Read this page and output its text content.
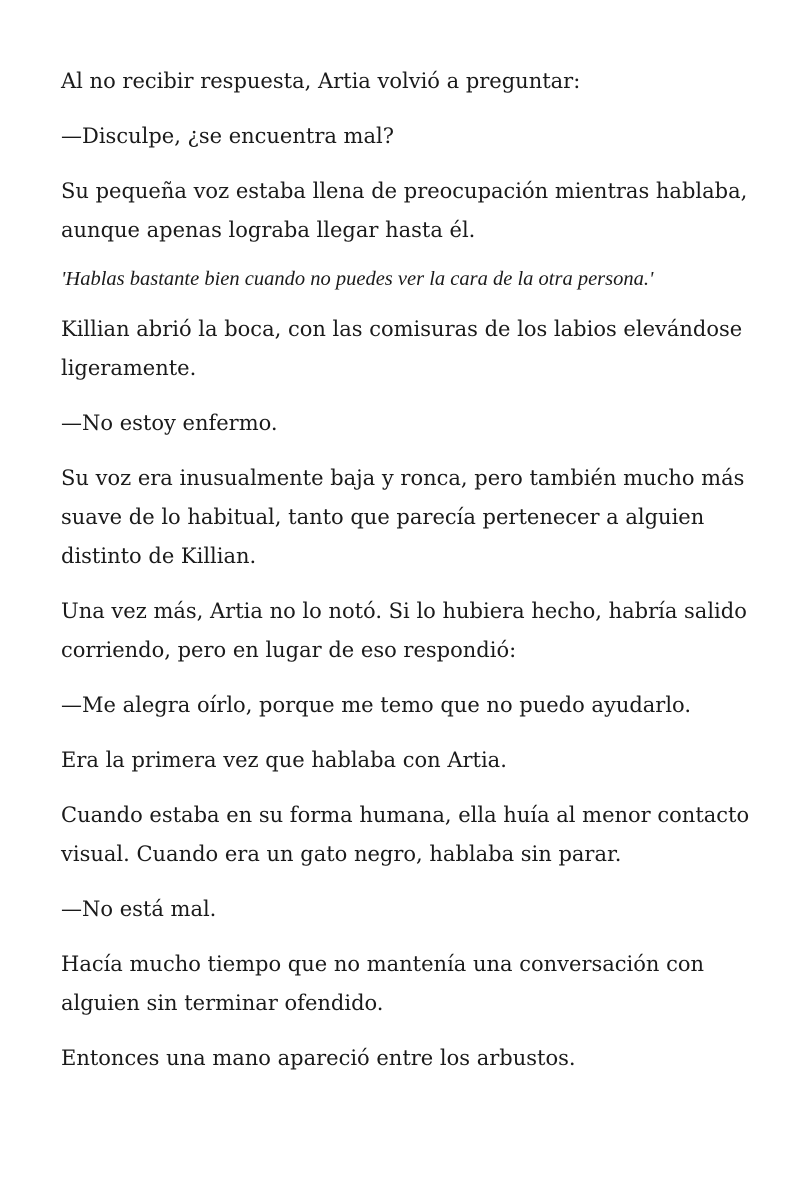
Al no recibir respuesta, Artia volvió a preguntar:

—Disculpe, ¿se encuentra mal?

Su pequeña voz estaba llena de preocupación mientras hablaba, aunque apenas lograba llegar hasta él.

'Hablas bastante bien cuando no puedes ver la cara de la otra persona.'

Killian abrió la boca, con las comisuras de los labios elevándose ligeramente.

—No estoy enfermo.

Su voz era inusualmente baja y ronca, pero también mucho más suave de lo habitual, tanto que parecía pertenecer a alguien distinto de Killian.

Una vez más, Artia no lo notó. Si lo hubiera hecho, habría salido corriendo, pero en lugar de eso respondió:

—Me alegra oírlo, porque me temo que no puedo ayudarlo.

Era la primera vez que hablaba con Artia.

Cuando estaba en su forma humana, ella huía al menor contacto visual. Cuando era un gato negro, hablaba sin parar.

—No está mal.

Hacía mucho tiempo que no mantenía una conversación con alguien sin terminar ofendido.

Entonces una mano apareció entre los arbustos.
